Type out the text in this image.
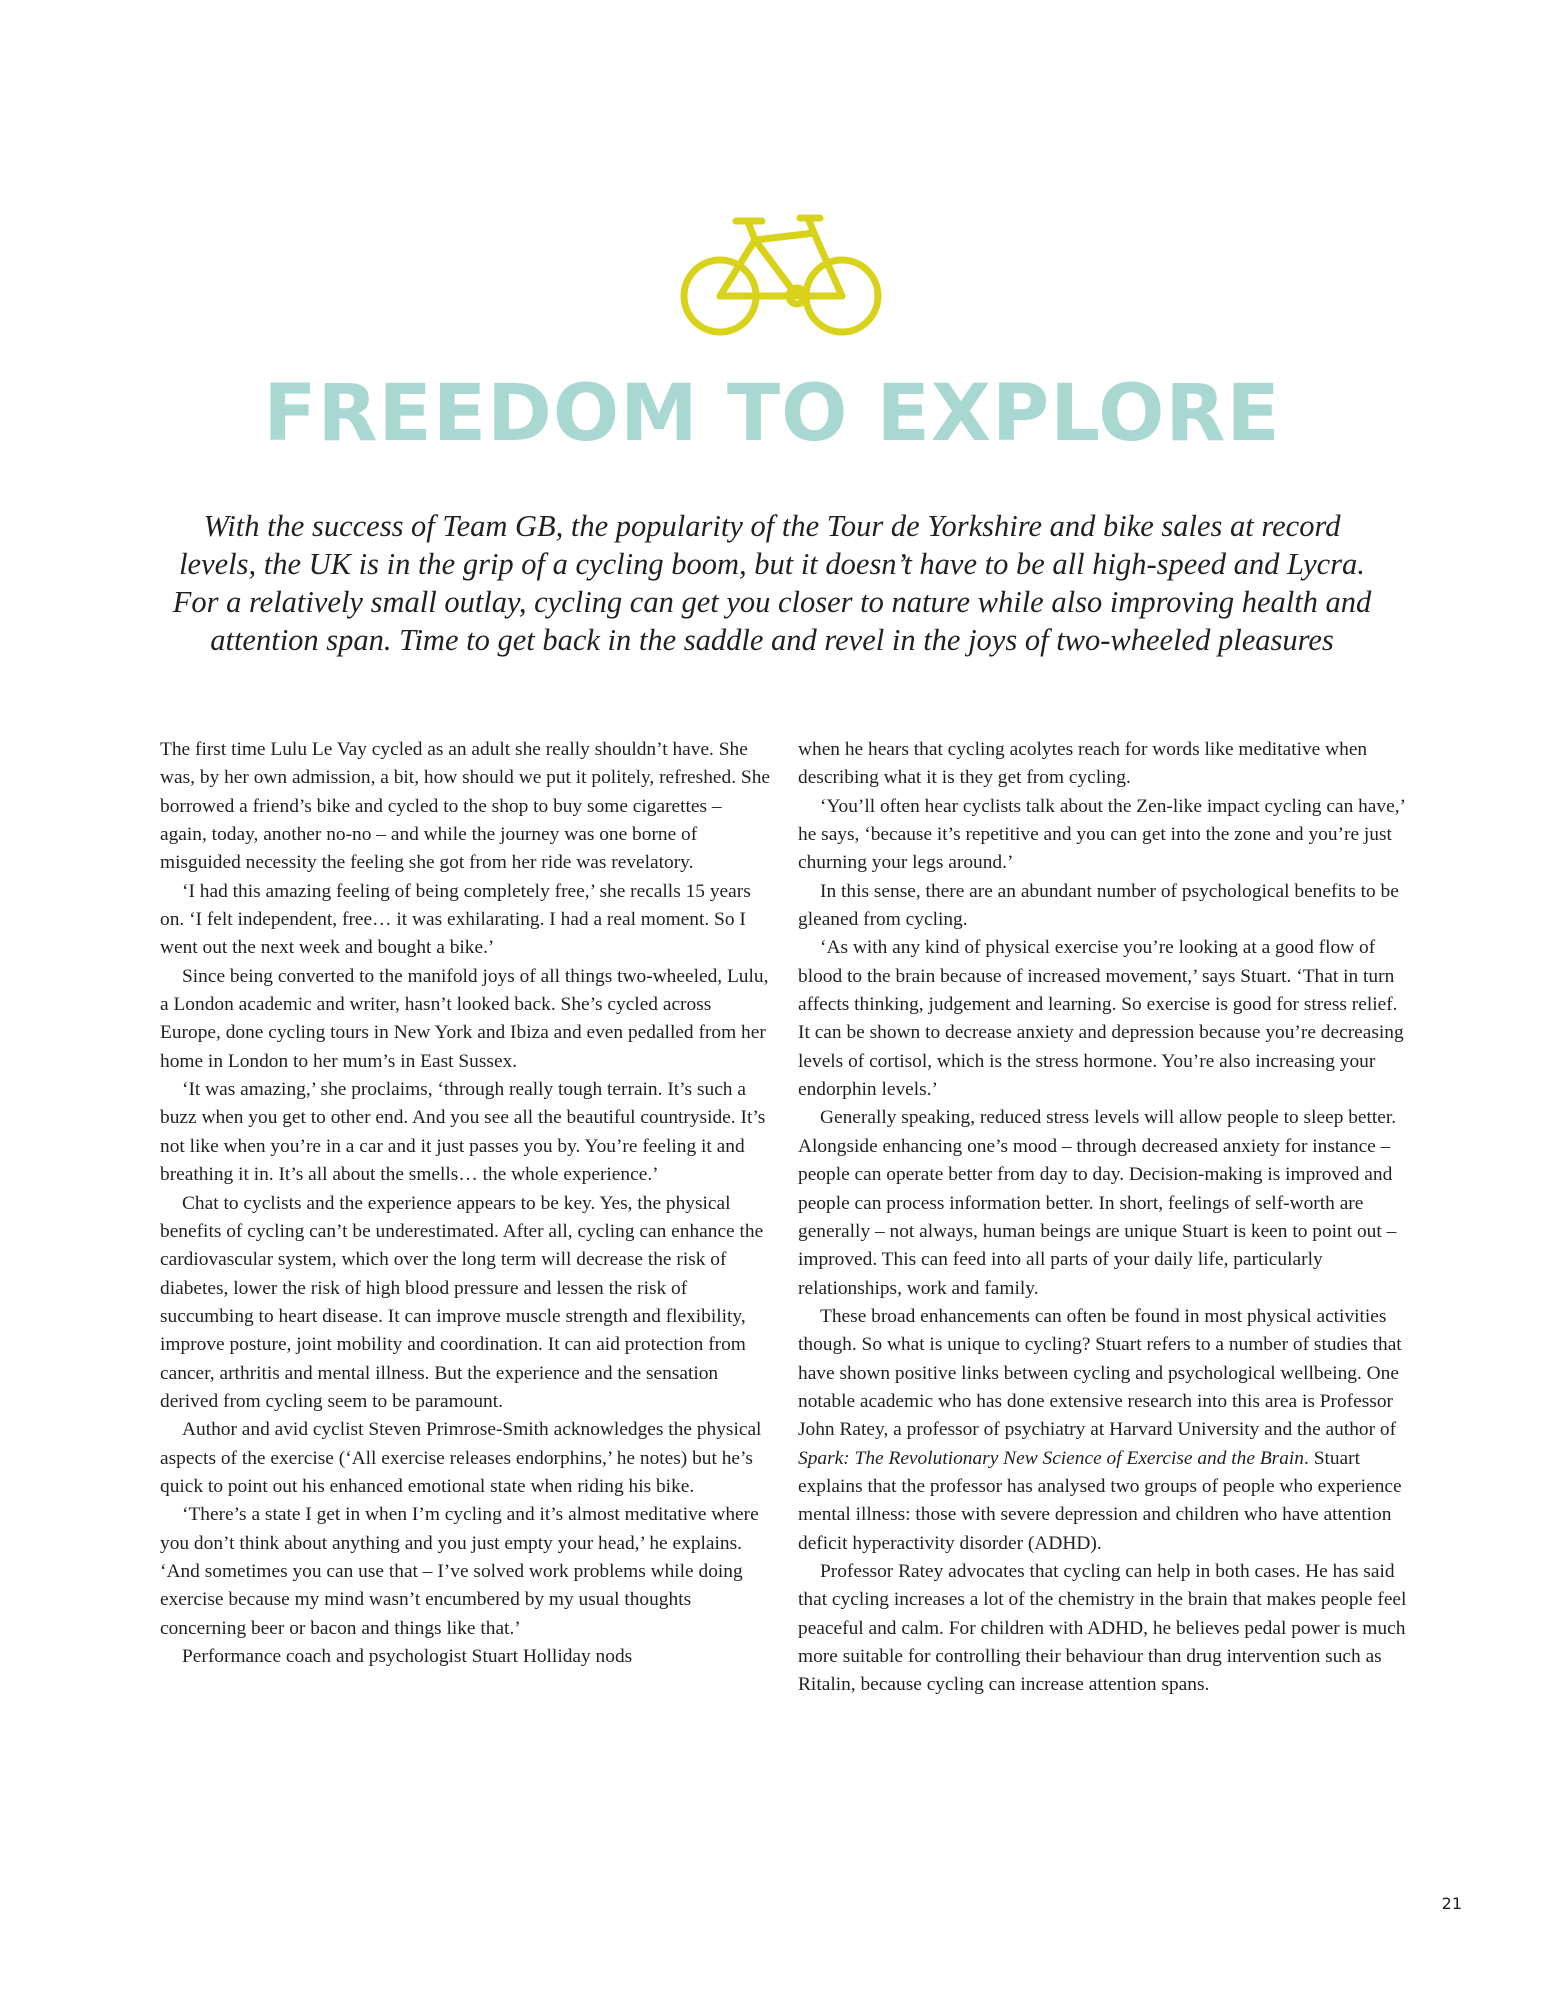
FREEDOM TO EXPLORE

With the success of Team GB, the popularity of the Tour de Yorkshire and bike sales at record levels, the UK is in the grip of a cycling boom, but it doesn’t have to be all high-speed and Lycra. For a relatively small outlay, cycling can get you closer to nature while also improving health and attention span. Time to get back in the saddle and revel in the joys of two-wheeled pleasures

The first time Lulu Le Vay cycled as an adult she really shouldn’t have. She was, by her own admission, a bit, how should we put it politely, refreshed. She borrowed a friend’s bike and cycled to the shop to buy some cigarettes – again, today, another no-no – and while the journey was one borne of misguided necessity the feeling she got from her ride was revelatory.

‘I had this amazing feeling of being completely free,’ she recalls 15 years on. ‘I felt independent, free… it was exhilarating. I had a real moment. So I went out the next week and bought a bike.’

Since being converted to the manifold joys of all things two-wheeled, Lulu, a London academic and writer, hasn’t looked back. She’s cycled across Europe, done cycling tours in New York and Ibiza and even pedalled from her home in London to her mum’s in East Sussex.

‘It was amazing,’ she proclaims, ‘through really tough terrain. It’s such a buzz when you get to other end. And you see all the beautiful countryside. It’s not like when you’re in a car and it just passes you by. You’re feeling it and breathing it in. It’s all about the smells… the whole experience.’

Chat to cyclists and the experience appears to be key. Yes, the physical benefits of cycling can’t be underestimated. After all, cycling can enhance the cardiovascular system, which over the long term will decrease the risk of diabetes, lower the risk of high blood pressure and lessen the risk of succumbing to heart disease. It can improve muscle strength and flexibility, improve posture, joint mobility and coordination. It can aid protection from cancer, arthritis and mental illness. But the experience and the sensation derived from cycling seem to be paramount.

Author and avid cyclist Steven Primrose-Smith acknowledges the physical aspects of the exercise (‘All exercise releases endorphins,’ he notes) but he’s quick to point out his enhanced emotional state when riding his bike.

‘There’s a state I get in when I’m cycling and it’s almost meditative where you don’t think about anything and you just empty your head,’ he explains. ‘And sometimes you can use that – I’ve solved work problems while doing exercise because my mind wasn’t encumbered by my usual thoughts concerning beer or bacon and things like that.’

Performance coach and psychologist Stuart Holliday nods

when he hears that cycling acolytes reach for words like meditative when describing what it is they get from cycling.

‘You’ll often hear cyclists talk about the Zen-like impact cycling can have,’ he says, ‘because it’s repetitive and you can get into the zone and you’re just churning your legs around.’

In this sense, there are an abundant number of psychological benefits to be gleaned from cycling.

‘As with any kind of physical exercise you’re looking at a good flow of blood to the brain because of increased movement,’ says Stuart. ‘That in turn affects thinking, judgement and learning. So exercise is good for stress relief. It can be shown to decrease anxiety and depression because you’re decreasing levels of cortisol, which is the stress hormone. You’re also increasing your endorphin levels.’

Generally speaking, reduced stress levels will allow people to sleep better. Alongside enhancing one’s mood – through decreased anxiety for instance – people can operate better from day to day. Decision-making is improved and people can process information better. In short, feelings of self-worth are generally – not always, human beings are unique Stuart is keen to point out – improved. This can feed into all parts of your daily life, particularly relationships, work and family.

These broad enhancements can often be found in most physical activities though. So what is unique to cycling? Stuart refers to a number of studies that have shown positive links between cycling and psychological wellbeing. One notable academic who has done extensive research into this area is Professor John Ratey, a professor of psychiatry at Harvard University and the author of Spark: The Revolutionary New Science of Exercise and the Brain. Stuart explains that the professor has analysed two groups of people who experience mental illness: those with severe depression and children who have attention deficit hyperactivity disorder (ADHD).

Professor Ratey advocates that cycling can help in both cases. He has said that cycling increases a lot of the chemistry in the brain that makes people feel peaceful and calm. For children with ADHD, he believes pedal power is much more suitable for controlling their behaviour than drug intervention such as Ritalin, because cycling can increase attention spans.

21
